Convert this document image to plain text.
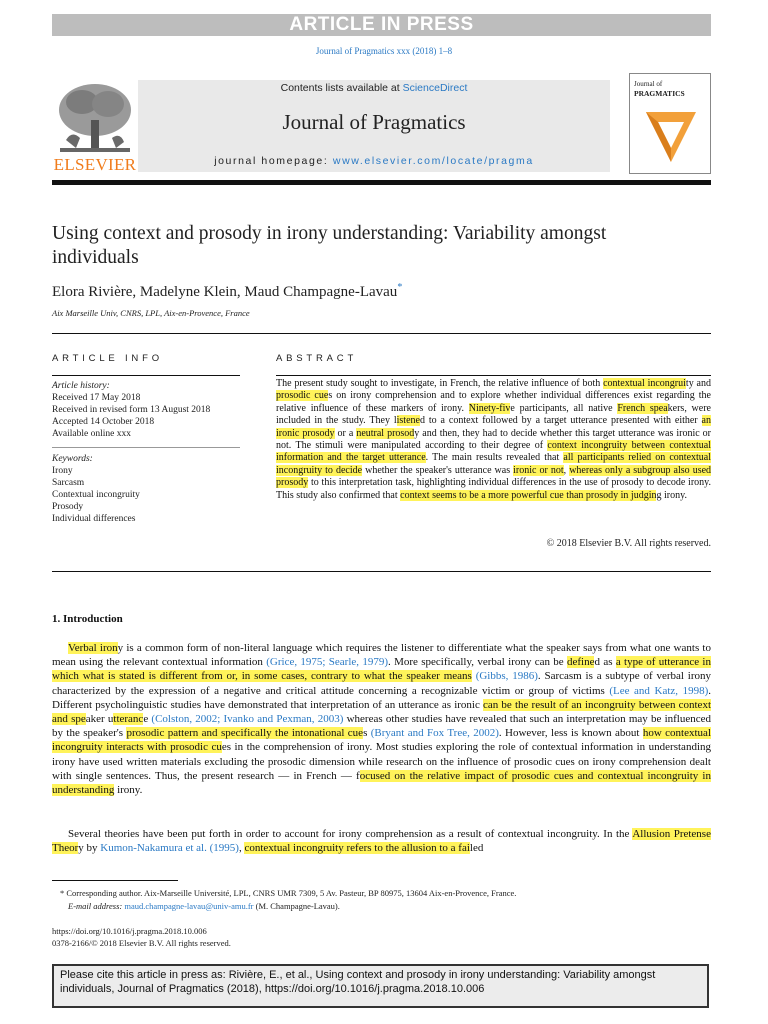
ARTICLE IN PRESS
Journal of Pragmatics xxx (2018) 1–8
ELSEVIER
Contents lists available at ScienceDirect
Journal of Pragmatics
journal homepage: www.elsevier.com/locate/pragma
Journal of
PRAGMATICS
Using context and prosody in irony understanding: Variability amongst individuals
Elora Rivière, Madelyne Klein, Maud Champagne-Lavau*
Aix Marseille Univ, CNRS, LPL, Aix-en-Provence, France
ARTICLE INFO
Article history:
Received 17 May 2018
Received in revised form 13 August 2018
Accepted 14 October 2018
Available online xxx
Keywords:
Irony
Sarcasm
Contextual incongruity
Prosody
Individual differences
ABSTRACT
The present study sought to investigate, in French, the relative influence of both contextual incongruity and prosodic cues on irony comprehension and to explore whether individual differences exist regarding the relative influence of these markers of irony. Ninety-five participants, all native French speakers, were included in the study. They listened to a context followed by a target utterance presented with either an ironic prosody or a neutral prosody and then, they had to decide whether this target utterance was ironic or not. The stimuli were manipulated according to their degree of context incongruity between contextual information and the target utterance. The main results revealed that all participants relied on contextual incongruity to decide whether the speaker's utterance was ironic or not, whereas only a subgroup also used prosody to this interpretation task, highlighting individual differences in the use of prosody to decode irony. This study also confirmed that context seems to be a more powerful cue than prosody in judging irony.
© 2018 Elsevier B.V. All rights reserved.
1. Introduction
Verbal irony is a common form of non-literal language which requires the listener to differentiate what the speaker says from what one wants to mean using the relevant contextual information (Grice, 1975; Searle, 1979). More specifically, verbal irony can be defined as a type of utterance in which what is stated is different from or, in some cases, contrary to what the speaker means (Gibbs, 1986). Sarcasm is a subtype of verbal irony characterized by the expression of a negative and critical attitude concerning a recognizable victim or group of victims (Lee and Katz, 1998). Different psycholinguistic studies have demonstrated that interpretation of an utterance as ironic can be the result of an incongruity between context and speaker utterance (Colston, 2002; Ivanko and Pexman, 2003) whereas other studies have revealed that such an interpretation may be influenced by the speaker's prosodic pattern and specifically the intonational cues (Bryant and Fox Tree, 2002). However, less is known about how contextual incongruity interacts with prosodic cues in the comprehension of irony. Most studies exploring the role of contextual information in understanding irony have used written materials excluding the prosodic dimension while research on the influence of prosodic cues on irony comprehension dealt with single sentences. Thus, the present research — in French — focused on the relative impact of prosodic cues and contextual incongruity in understanding irony.
Several theories have been put forth in order to account for irony comprehension as a result of contextual incongruity. In the Allusion Pretense Theory by Kumon-Nakamura et al. (1995), contextual incongruity refers to the allusion to a failed
* Corresponding author. Aix-Marseille Université, LPL, CNRS UMR 7309, 5 Av. Pasteur, BP 80975, 13604 Aix-en-Provence, France.
E-mail address: maud.champagne-lavau@univ-amu.fr (M. Champagne-Lavau).
https://doi.org/10.1016/j.pragma.2018.10.006
0378-2166/© 2018 Elsevier B.V. All rights reserved.
Please cite this article in press as: Rivière, E., et al., Using context and prosody in irony understanding: Variability amongst individuals, Journal of Pragmatics (2018), https://doi.org/10.1016/j.pragma.2018.10.006
